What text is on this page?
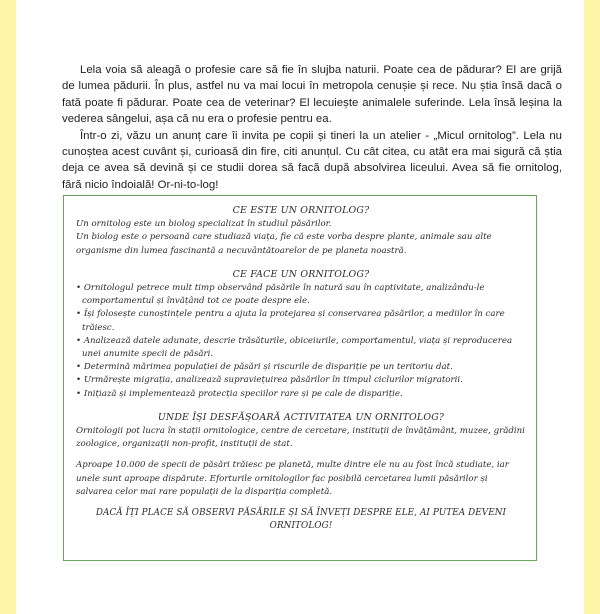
Lela voia să aleagă o profesie care să fie în slujba naturii. Poate cea de pădurar? El are grijă de lumea pădurii. În plus, astfel nu va mai locui în metropola cenușie și rece. Nu știa însă dacă o fată poate fi pădurar. Poate cea de veterinar? El lecuiește animalele suferinde. Lela însă leșina la vederea sângelui, așa că nu era o profesie pentru ea.

Într-o zi, văzu un anunț care îi invita pe copii și tineri la un atelier - „Micul ornitolog”. Lela nu cunoștea acest cuvânt și, curioasă din fire, citi anunțul. Cu cât citea, cu atât era mai sigură că știa deja ce avea să devină și ce studii dorea să facă după absolvirea liceului. Avea să fie ornitolog, fără nicio îndoială! Or-ni-to-log!

CE ESTE UN ORNITOLOG?

Un ornitolog este un biolog specializat în studiul păsărilor.

Un biolog este o persoană care studiază viața, fie că este vorba despre plante, animale sau alte organisme din lumea fascinantă a necuvântătoarelor de pe planeta noastră.

CE FACE UN ORNITOLOG?
• Ornitologul petrece mult timp observând păsările în natură sau în captivitate, analizându-le comportamentul și învățând tot ce poate despre ele.
• Își folosește cunoștințele pentru a ajuta la protejarea și conservarea păsărilor, a mediilor în care trăiesc.
• Analizează datele adunate, descrie trăsăturile, obiceiurile, comportamentul, viața și reproducerea unei anumite specii de păsări.
• Determină mărimea populației de păsări și riscurile de dispariție pe un teritoriu dat.
• Urmărește migrația, analizează supraviețuirea păsărilor în timpul ciclurilor migratorii.
• Inițiază și implementează protecția speciilor rare și pe cale de dispariție.
UNDE ÎȘI DESFĂȘOARĂ ACTIVITATEA UN ORNITOLOG?

Ornitologii pot lucra în stații ornitologice, centre de cercetare, instituții de învățământ, muzee, grădini zoologice, organizații non-profit, instituții de stat.

Aproape 10.000 de specii de păsări trăiesc pe planetă, multe dintre ele nu au fost încă studiate, iar unele sunt aproape dispărute. Eforturile ornitologilor fac posibilă cercetarea lumii păsărilor și salvarea celor mai rare populații de la dispariția completă.

DACĂ ÎȚI PLACE SĂ OBSERVI PĂSĂRILE ȘI SĂ ÎNVEȚI DESPRE ELE, AI PUTEA DEVENI ORNITOLOG!
